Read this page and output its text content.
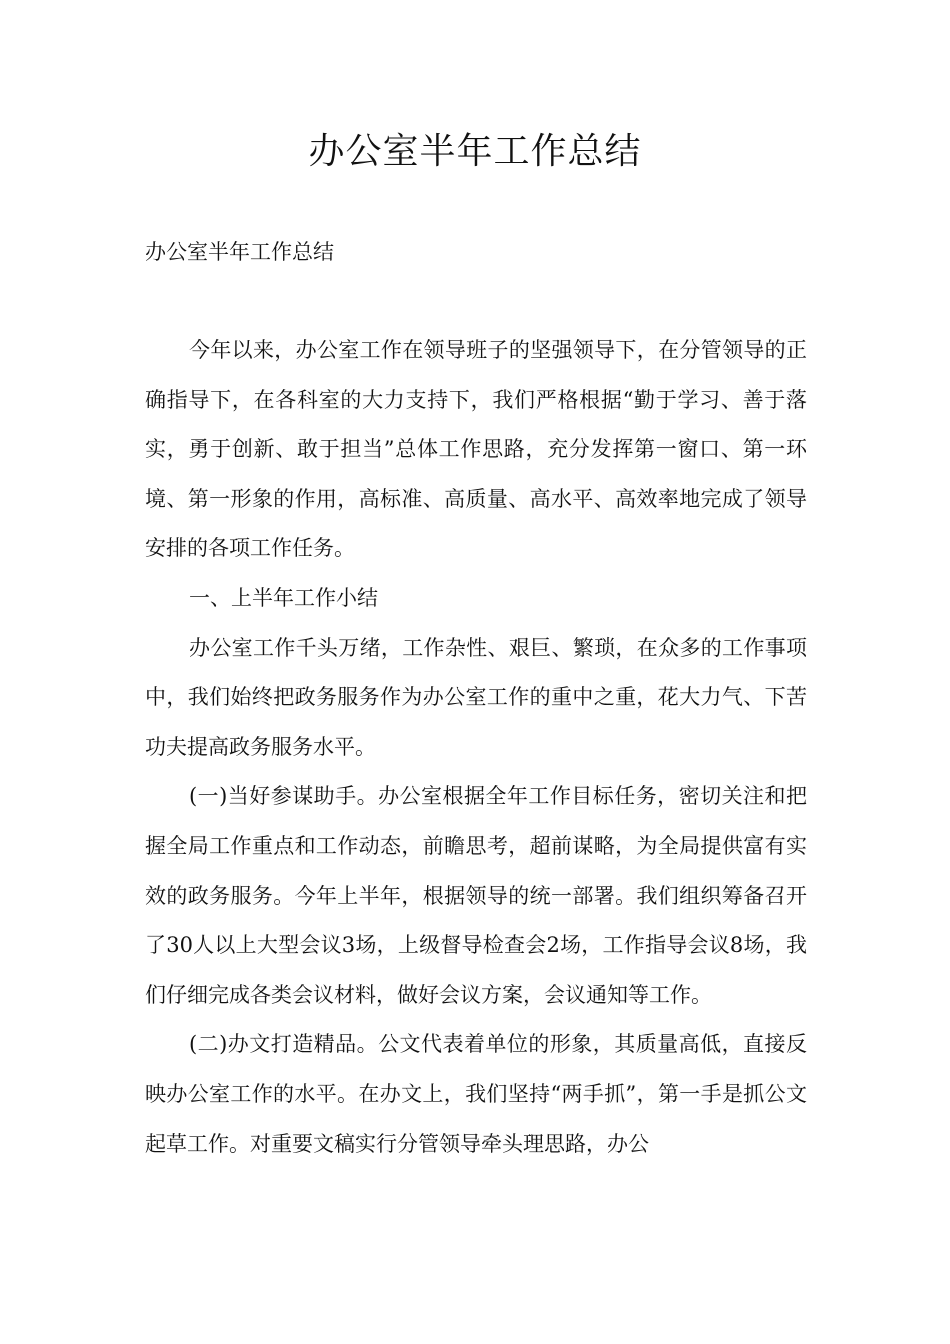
办公室半年工作总结
办公室半年工作总结

今年以来，办公室工作在领导班子的坚强领导下，在分管领导的正确指导下，在各科室的大力支持下，我们严格根据“勤于学习、善于落实，勇于创新、敢于担当”总体工作思路，充分发挥第一窗口、第一环境、第一形象的作用，高标准、高质量、高水平、高效率地完成了领导安排的各项工作任务。

一、上半年工作小结

办公室工作千头万绪，工作杂性、艰巨、繁琐，在众多的工作事项中，我们始终把政务服务作为办公室工作的重中之重，花大力气、下苦功夫提高政务服务水平。

(一)当好参谋助手。办公室根据全年工作目标任务，密切关注和把握全局工作重点和工作动态，前瞻思考，超前谋略，为全局提供富有实效的政务服务。今年上半年，根据领导的统一部署。我们组织筹备召开了30人以上大型会议3场，上级督导检查会2场，工作指导会议8场，我们仔细完成各类会议材料，做好会议方案，会议通知等工作。

(二)办文打造精品。公文代表着单位的形象，其质量高低，直接反映办公室工作的水平。在办文上，我们坚持“两手抓”，第一手是抓公文起草工作。对重要文稿实行分管领导牵头理思路，办公
